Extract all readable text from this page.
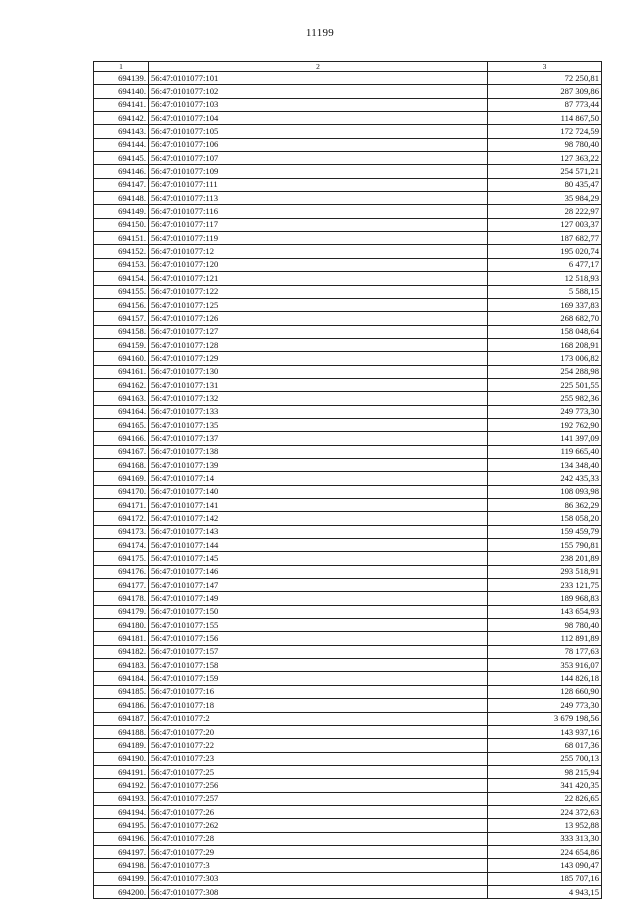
11199
1	2	3
694139.	56:47:0101077:101	72 250,81
694140.	56:47:0101077:102	287 309,86
694141.	56:47:0101077:103	87 773,44
694142.	56:47:0101077:104	114 867,50
694143.	56:47:0101077:105	172 724,59
694144.	56:47:0101077:106	98 780,40
694145.	56:47:0101077:107	127 363,22
694146.	56:47:0101077:109	254 571,21
694147.	56:47:0101077:111	80 435,47
694148.	56:47:0101077:113	35 984,29
694149.	56:47:0101077:116	28 222,97
694150.	56:47:0101077:117	127 003,37
694151.	56:47:0101077:119	187 682,77
694152.	56:47:0101077:12	195 020,74
694153.	56:47:0101077:120	6 477,17
694154.	56:47:0101077:121	12 518,93
694155.	56:47:0101077:122	5 588,15
694156.	56:47:0101077:125	169 337,83
694157.	56:47:0101077:126	268 682,70
694158.	56:47:0101077:127	158 048,64
694159.	56:47:0101077:128	168 208,91
694160.	56:47:0101077:129	173 006,82
694161.	56:47:0101077:130	254 288,98
694162.	56:47:0101077:131	225 501,55
694163.	56:47:0101077:132	255 982,36
694164.	56:47:0101077:133	249 773,30
694165.	56:47:0101077:135	192 762,90
694166.	56:47:0101077:137	141 397,09
694167.	56:47:0101077:138	119 665,40
694168.	56:47:0101077:139	134 348,40
694169.	56:47:0101077:14	242 435,33
694170.	56:47:0101077:140	108 093,98
694171.	56:47:0101077:141	86 362,29
694172.	56:47:0101077:142	158 058,20
694173.	56:47:0101077:143	159 459,79
694174.	56:47:0101077:144	155 790,81
694175.	56:47:0101077:145	238 201,89
694176.	56:47:0101077:146	293 518,91
694177.	56:47:0101077:147	233 121,75
694178.	56:47:0101077:149	189 968,83
694179.	56:47:0101077:150	143 654,93
694180.	56:47:0101077:155	98 780,40
694181.	56:47:0101077:156	112 891,89
694182.	56:47:0101077:157	78 177,63
694183.	56:47:0101077:158	353 916,07
694184.	56:47:0101077:159	144 826,18
694185.	56:47:0101077:16	128 660,90
694186.	56:47:0101077:18	249 773,30
694187.	56:47:0101077:2	3 679 198,56
694188.	56:47:0101077:20	143 937,16
694189.	56:47:0101077:22	68 017,36
694190.	56:47:0101077:23	255 700,13
694191.	56:47:0101077:25	98 215,94
694192.	56:47:0101077:256	341 420,35
694193.	56:47:0101077:257	22 826,65
694194.	56:47:0101077:26	224 372,63
694195.	56:47:0101077:262	13 952,88
694196.	56:47:0101077:28	333 313,30
694197.	56:47:0101077:29	224 654,86
694198.	56:47:0101077:3	143 090,47
694199.	56:47:0101077:303	185 707,16
694200.	56:47:0101077:308	4 943,15
